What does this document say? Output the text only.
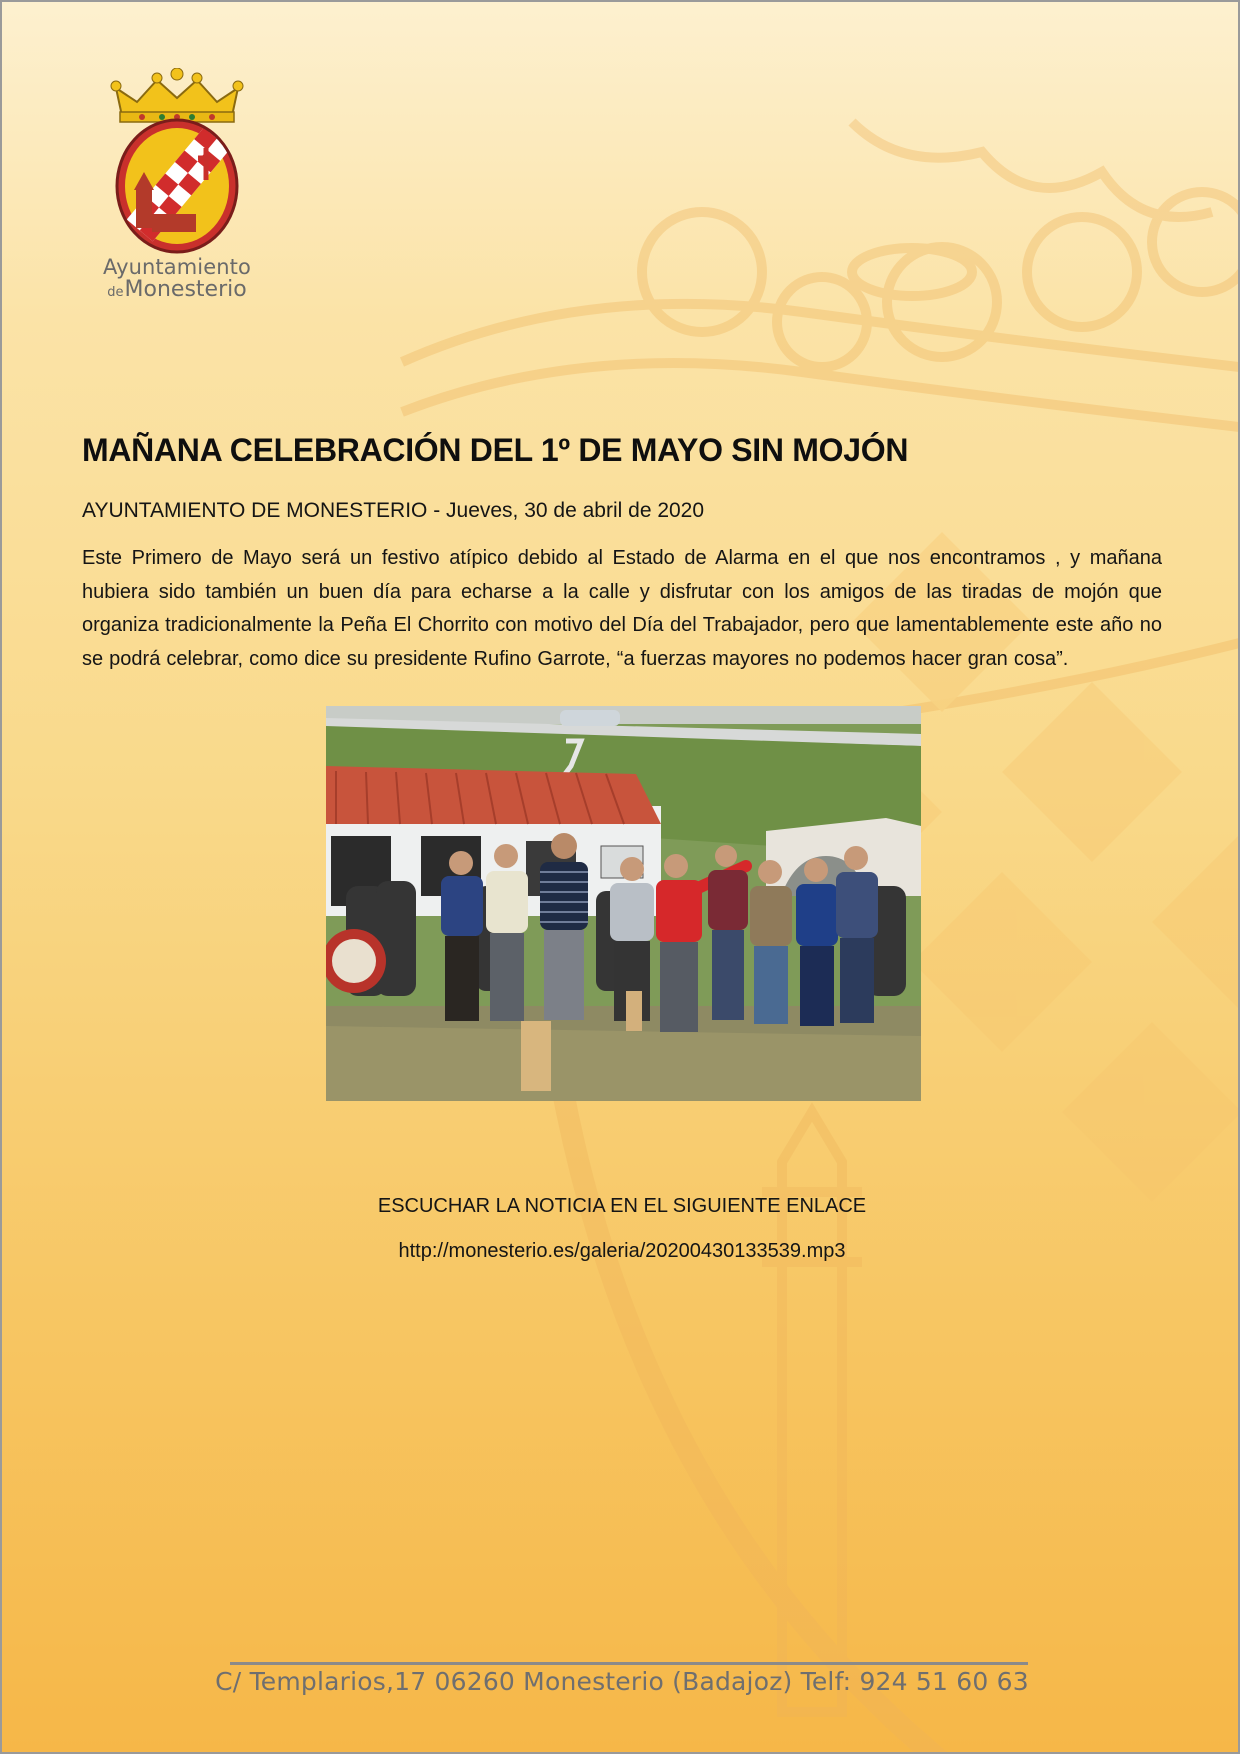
Ayuntamiento
deMonesterio
MAÑANA CELEBRACIÓN DEL 1º DE MAYO SIN MOJÓN
AYUNTAMIENTO DE MONESTERIO - Jueves, 30 de abril de 2020

Este Primero de Mayo será un festivo atípico debido al Estado de Alarma en el que nos encontramos , y mañana hubiera sido también un buen día para echarse a la calle y disfrutar con los amigos de las tiradas de mojón que organiza tradicionalmente la Peña El Chorrito con motivo del Día del Trabajador, pero que lamentablemente este año no se podrá celebrar, como dice su presidente Rufino Garrote, “a fuerzas mayores no podemos hacer gran cosa”.

ESCUCHAR LA NOTICIA EN EL SIGUIENTE ENLACE
http://monesterio.es/galeria/20200430133539.mp3
C/ Templarios,17 06260 Monesterio (Badajoz) Telf: 924 51 60 63
